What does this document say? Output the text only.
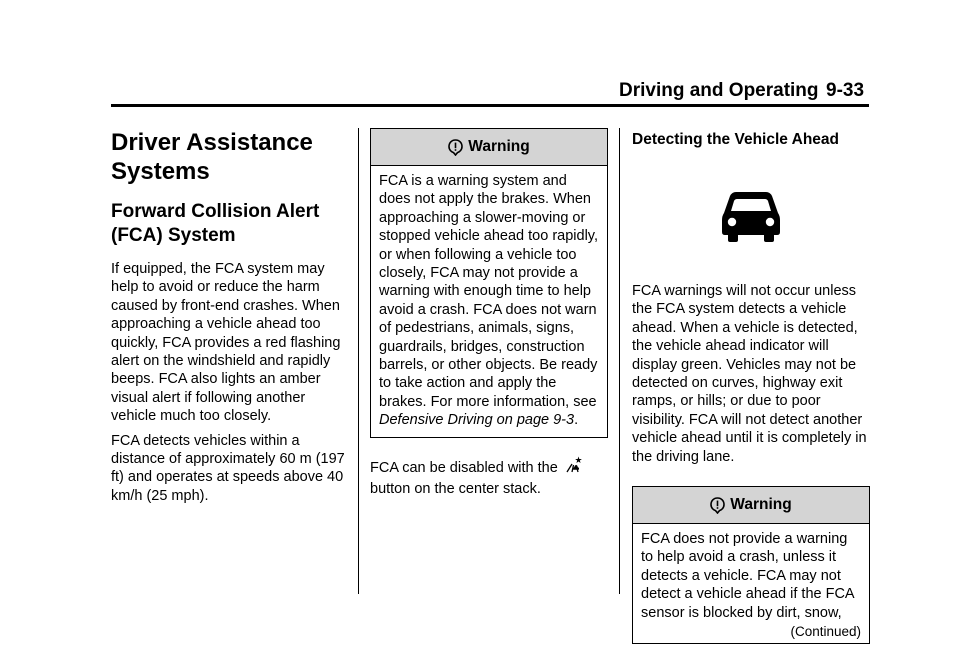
Driving and Operating 9-33
Driver Assistance Systems
Forward Collision Alert (FCA) System

If equipped, the FCA system may help to avoid or reduce the harm caused by front-end crashes. When approaching a vehicle ahead too quickly, FCA provides a red flashing alert on the windshield and rapidly beeps. FCA also lights an amber visual alert if following another vehicle much too closely.

FCA detects vehicles within a distance of approximately 60 m (197 ft) and operates at speeds above 40 km/h (25 mph).

Warning

FCA is a warning system and does not apply the brakes. When approaching a slower-moving or stopped vehicle ahead too rapidly, or when following a vehicle too closely, FCA may not provide a warning with enough time to help avoid a crash. FCA does not warn of pedestrians, animals, signs, guardrails, bridges, construction barrels, or other objects. Be ready to take action and apply the brakes. For more information, see Defensive Driving on page 9-3.

FCA can be disabled with the
button on the center stack.

Detecting the Vehicle Ahead

FCA warnings will not occur unless the FCA system detects a vehicle ahead. When a vehicle is detected, the vehicle ahead indicator will display green. Vehicles may not be detected on curves, highway exit ramps, or hills; or due to poor visibility. FCA will not detect another vehicle ahead until it is completely in the driving lane.

Warning

FCA does not provide a warning to help avoid a crash, unless it detects a vehicle. FCA may not detect a vehicle ahead if the FCA sensor is blocked by dirt, snow,

(Continued)
